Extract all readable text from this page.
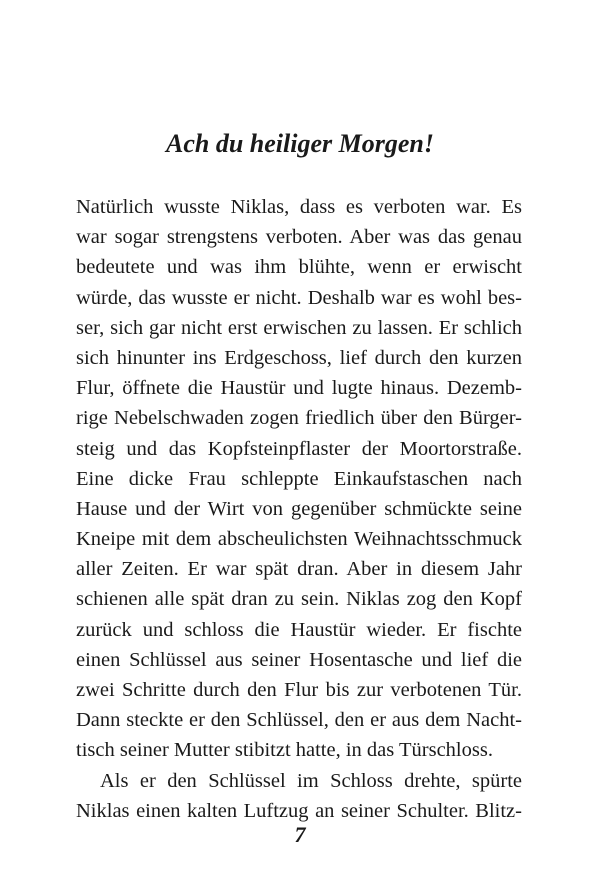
Ach du heiliger Morgen!
Natürlich wusste Niklas, dass es verboten war. Es
war sogar strengstens verboten. Aber was das genau
bedeutete und was ihm blühte, wenn er erwischt
würde, das wusste er nicht. Deshalb war es wohl bes-
ser, sich gar nicht erst erwischen zu lassen. Er schlich
sich hinunter ins Erdgeschoss, lief durch den kurzen
Flur, öffnete die Haustür und lugte hinaus. Dezemb-
rige Nebelschwaden zogen friedlich über den Bürger-
steig und das Kopfsteinpflaster der Moortorstraße.
Eine dicke Frau schleppte Einkaufstaschen nach
Hause und der Wirt von gegenüber schmückte seine
Kneipe mit dem abscheulichsten Weihnachtsschmuck
aller Zeiten. Er war spät dran. Aber in diesem Jahr
schienen alle spät dran zu sein. Niklas zog den Kopf
zurück und schloss die Haustür wieder. Er fischte
einen Schlüssel aus seiner Hosentasche und lief die
zwei Schritte durch den Flur bis zur verbotenen Tür.
Dann steckte er den Schlüssel, den er aus dem Nacht-
tisch seiner Mutter stibitzt hatte, in das Türschloss.
Als er den Schlüssel im Schloss drehte, spürte
Niklas einen kalten Luftzug an seiner Schulter. Blitz-
7
